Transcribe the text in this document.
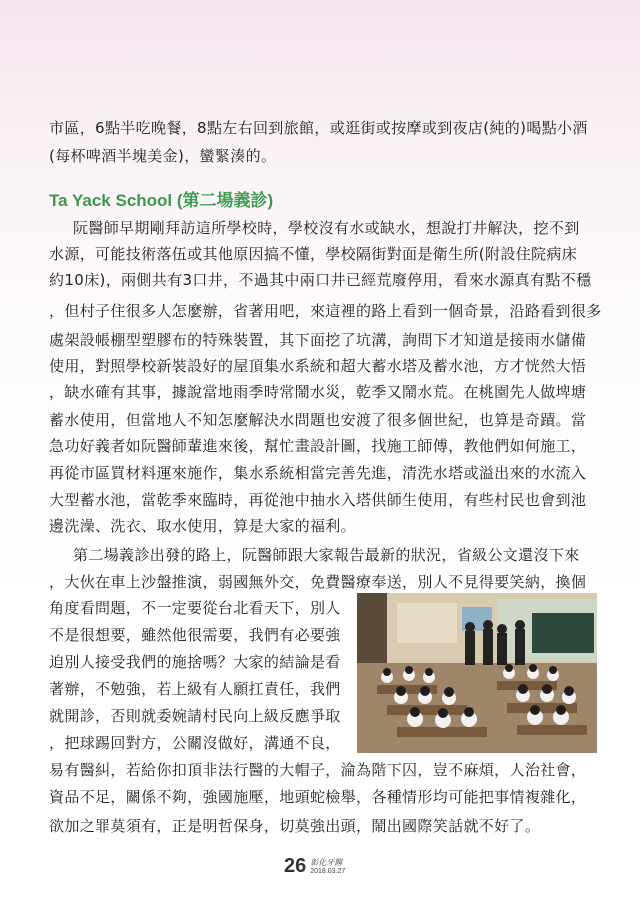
市區，6點半吃晚餐，8點左右回到旅館，或逛街或按摩或到夜店(純的)喝點小酒
(每杯啤酒半塊美金)，蠻緊湊的。
Ta Yack School (第二場義診)
阮醫師早期剛拜訪這所學校時，學校沒有水或缺水，想說打井解決，挖不到
水源，可能技術落伍或其他原因搞不懂，學校隔街對面是衛生所(附設住院病床
約10床)，兩側共有3口井，不過其中兩口井已經荒廢停用，看來水源真有點不穩
，但村子住很多人怎麼辦，省著用吧，來這裡的路上看到一個奇景，沿路看到很多
處架設帳棚型塑膠布的特殊裝置，其下面挖了坑溝，詢問下才知道是接雨水儲備
使用，對照學校新裝設好的屋頂集水系統和超大蓄水塔及蓄水池，方才恍然大悟
，缺水確有其事，據說當地雨季時常鬧水災，乾季又鬧水荒。在桃園先人做埤塘
蓄水使用，但當地人不知怎麼解決水問題也安渡了很多個世紀，也算是奇蹟。當
急功好義者如阮醫師輩進來後，幫忙畫設計圖，找施工師傅，教他們如何施工，
再從市區買材料運來施作，集水系統相當完善先進，清洗水塔或溢出來的水流入
大型蓄水池，當乾季來臨時，再從池中抽水入塔供師生使用，有些村民也會到池
邊洗澡、洗衣、取水使用，算是大家的福利。
第二場義診出發的路上，阮醫師跟大家報告最新的狀況，省級公文還沒下來
，大伙在車上沙盤推演，弱國無外交，免費醫療奉送，別人不見得要笑納，換個
角度看問題，不一定要從台北看天下，別人
不是很想要，雖然他很需要，我們有必要強
迫別人接受我們的施捨嗎？大家的結論是看
著辦，不勉強，若上級有人願扛責任，我們
就開診，否則就委婉請村民向上級反應爭取
，把球踢回對方，公關沒做好，溝通不良，
易有醫糾，若給你扣頂非法行醫的大帽子，淪為階下囚，豈不麻煩，人治社會，
資品不足，關係不夠，強國施壓，地頭蛇檢舉，各種情形均可能把事情複雜化，
欲加之罪莫須有，正是明哲保身，切莫強出頭，鬧出國際笑話就不好了。
26 彰化牙醫
2018.03.27
